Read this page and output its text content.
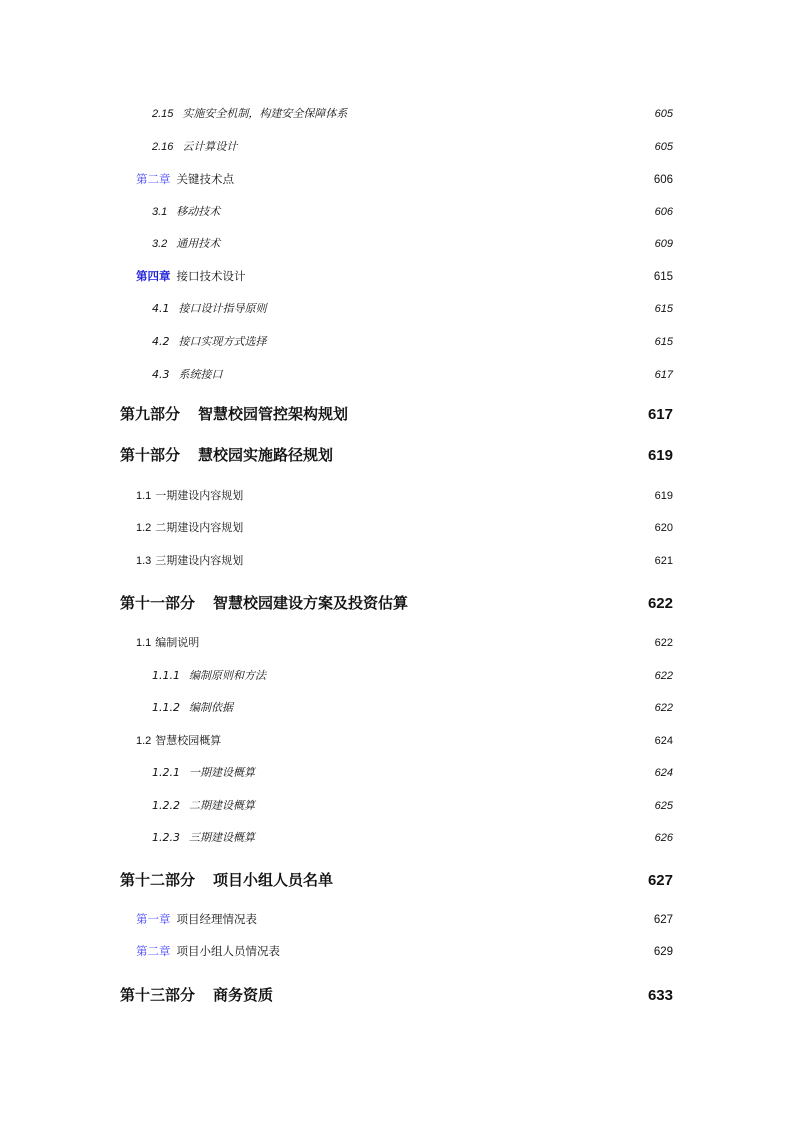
2.15 实施安全机制，构建安全保障体系	605
2.16 云计算设计	605
第二章 关键技术点	606
3.1 移动技术	606
3.2 通用技术	609
第四章 接口技术设计	615
4.1 接口设计指导原则	615
4.2 接口实现方式选择	615
4.3 系统接口	617
第九部分 智慧校园管控架构规划	617
第十部分 慧校园实施路径规划	619
1.1 一期建设内容规划	619
1.2 二期建设内容规划	620
1.3 三期建设内容规划	621
第十一部分 智慧校园建设方案及投资估算	622
1.1 编制说明	622
1.1.1 编制原则和方法	622
1.1.2 编制依据	622
1.2 智慧校园概算	624
1.2.1 一期建设概算	624
1.2.2 二期建设概算	625
1.2.3 三期建设概算	626
第十二部分 项目小组人员名单	627
第一章 项目经理情况表	627
第二章 项目小组人员情况表	629
第十三部分 商务资质	633
